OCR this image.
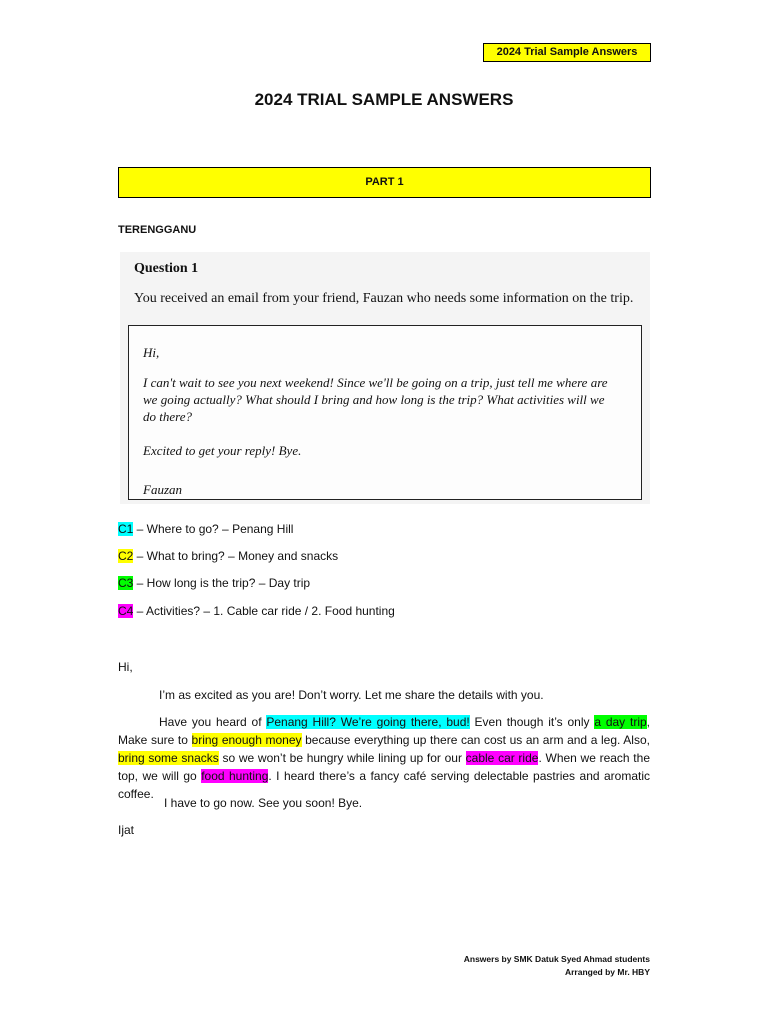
2024 Trial Sample Answers
2024 TRIAL SAMPLE ANSWERS
PART 1
TERENGGANU
Question 1
You received an email from your friend, Fauzan who needs some information on the trip.
Hi,
I can't wait to see you next weekend! Since we'll be going on a trip, just tell me where are
we going actually? What should I bring and how long is the trip? What activities will we
do there?
Excited to get your reply! Bye.
Fauzan
C1 – Where to go? – Penang Hill
C2 – What to bring? – Money and snacks
C3 – How long is the trip? – Day trip
C4 – Activities? – 1. Cable car ride / 2. Food hunting
Hi,
I’m as excited as you are! Don’t worry. Let me share the details with you.
Have you heard of Penang Hill? We’re going there, bud! Even though it’s only a day trip, Make sure to bring enough money because everything up there can cost us an arm and a leg. Also, bring some snacks so we won’t be hungry while lining up for our cable car ride. When we reach the top, we will go food hunting. I heard there’s a fancy café serving delectable pastries and aromatic coffee.
I have to go now. See you soon! Bye.
Ijat
Answers by SMK Datuk Syed Ahmad students
Arranged by Mr. HBY
